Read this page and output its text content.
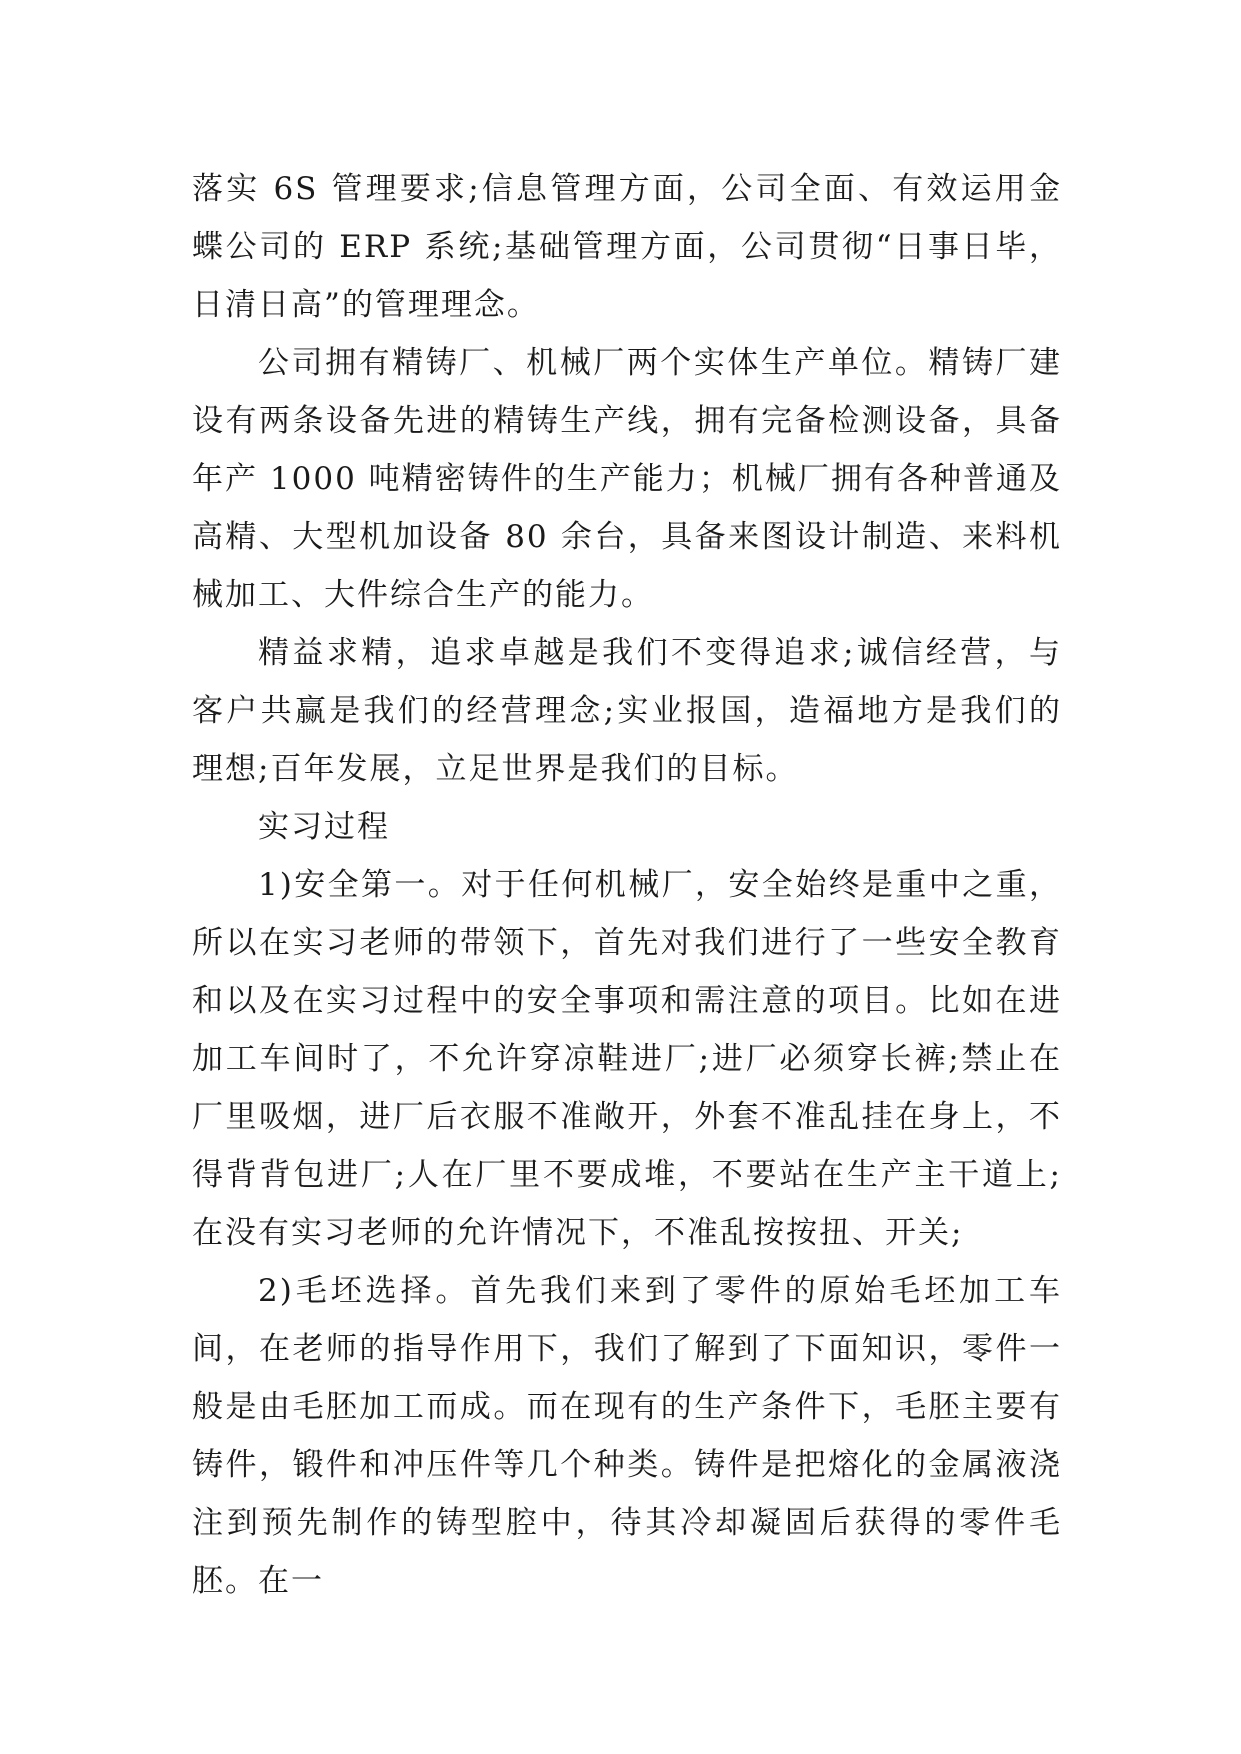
落实 6S 管理要求;信息管理方面，公司全面、有效运用金蝶公司的 ERP 系统;基础管理方面，公司贯彻“日事日毕，日清日高”的管理理念。

公司拥有精铸厂、机械厂两个实体生产单位。精铸厂建设有两条设备先进的精铸生产线，拥有完备检测设备，具备年产 1000 吨精密铸件的生产能力；机械厂拥有各种普通及高精、大型机加设备 80 余台，具备来图设计制造、来料机械加工、大件综合生产的能力。

精益求精，追求卓越是我们不变得追求;诚信经营，与客户共赢是我们的经营理念;实业报国，造福地方是我们的理想;百年发展，立足世界是我们的目标。

实习过程

1)安全第一。对于任何机械厂，安全始终是重中之重，所以在实习老师的带领下，首先对我们进行了一些安全教育和以及在实习过程中的安全事项和需注意的项目。比如在进加工车间时了，不允许穿凉鞋进厂;进厂必须穿长裤;禁止在厂里吸烟，进厂后衣服不准敞开，外套不准乱挂在身上，不得背背包进厂;人在厂里不要成堆，不要站在生产主干道上;在没有实习老师的允许情况下，不准乱按按扭、开关;

2)毛坯选择。首先我们来到了零件的原始毛坯加工车间，在老师的指导作用下，我们了解到了下面知识，零件一般是由毛胚加工而成。而在现有的生产条件下，毛胚主要有铸件，锻件和冲压件等几个种类。铸件是把熔化的金属液浇注到预先制作的铸型腔中，待其冷却凝固后获得的零件毛胚。在一
